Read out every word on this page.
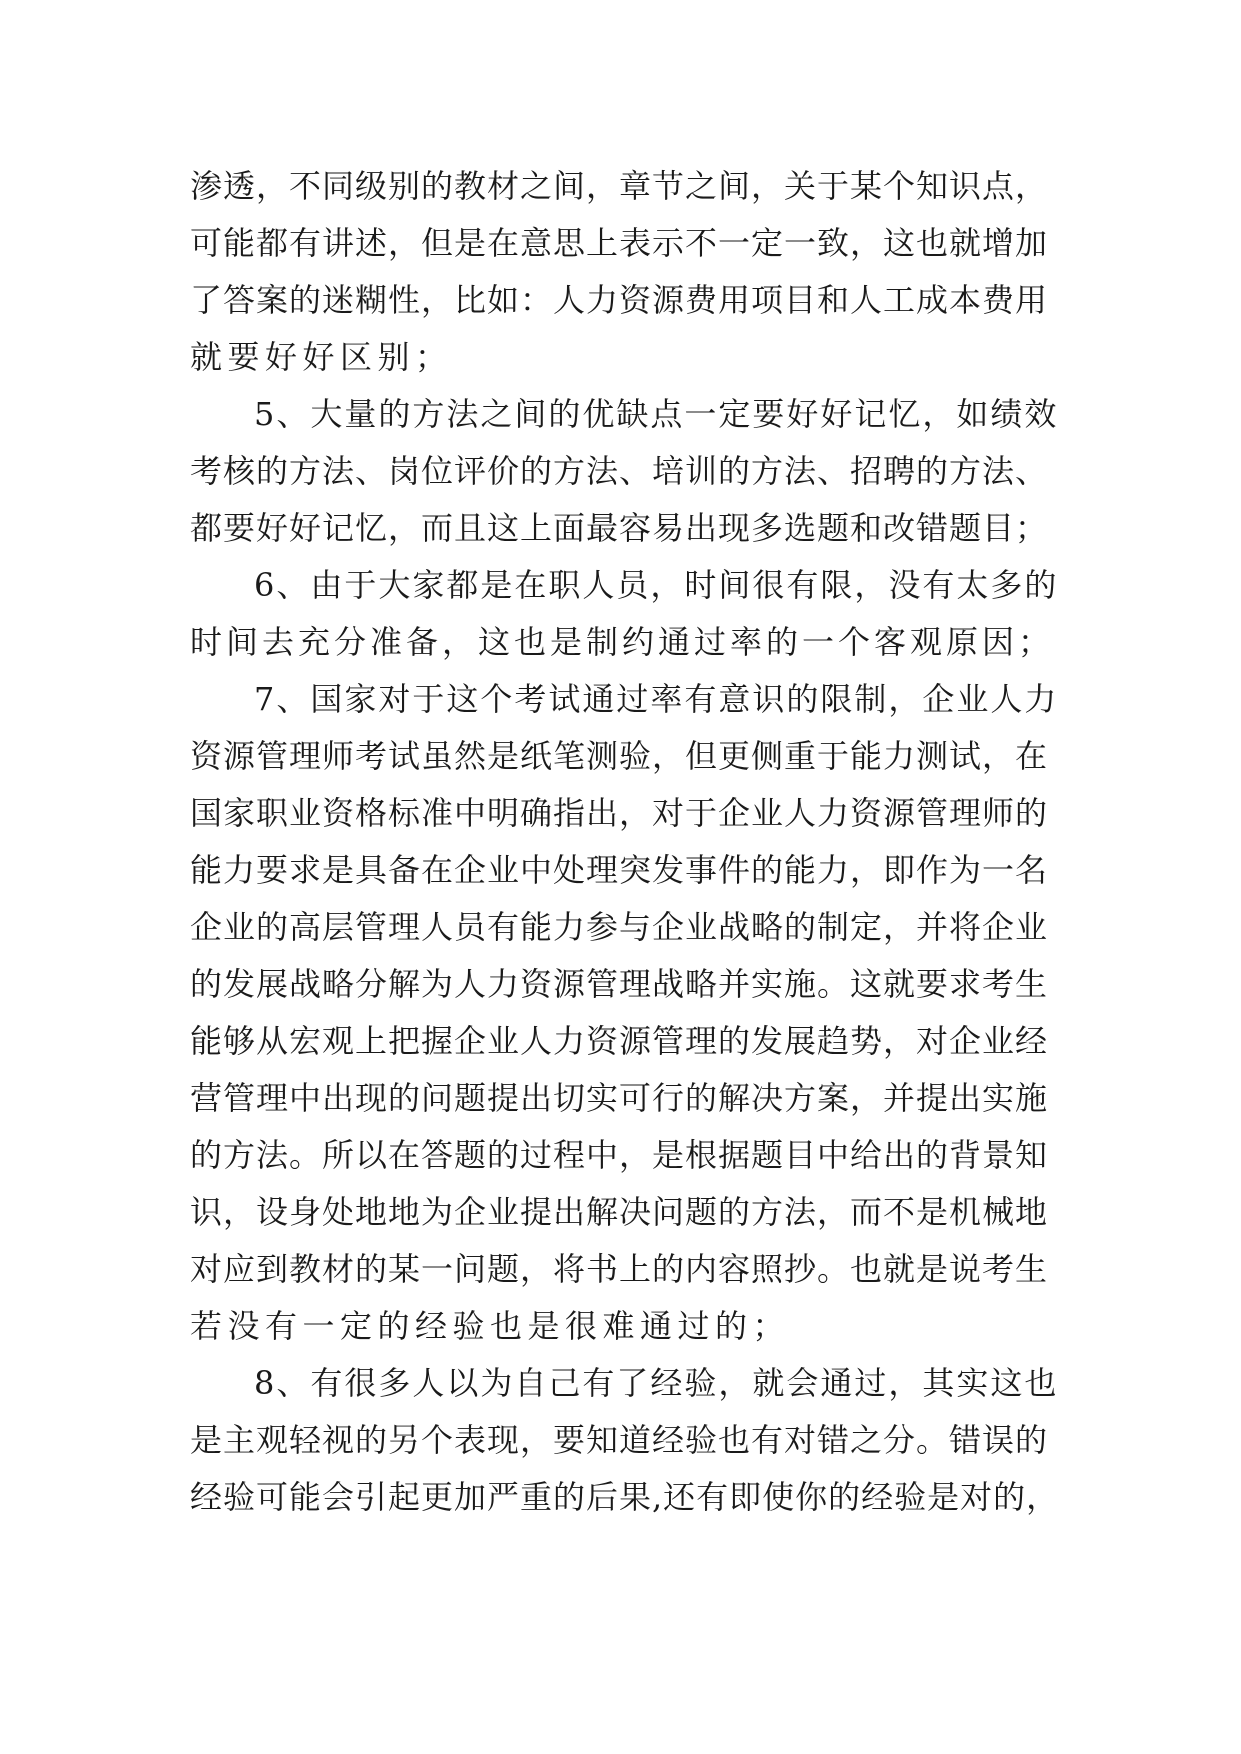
渗透，不同级别的教材之间，章节之间，关于某个知识点，
可能都有讲述，但是在意思上表示不一定一致，这也就增加
了答案的迷糊性，比如：人力资源费用项目和人工成本费用
就要好好区别；
5、大量的方法之间的优缺点一定要好好记忆，如绩效
考核的方法、岗位评价的方法、培训的方法、招聘的方法、
都要好好记忆，而且这上面最容易出现多选题和改错题目；
6、由于大家都是在职人员，时间很有限，没有太多的
时间去充分准备，这也是制约通过率的一个客观原因；
7、国家对于这个考试通过率有意识的限制，企业人力
资源管理师考试虽然是纸笔测验，但更侧重于能力测试，在
国家职业资格标准中明确指出，对于企业人力资源管理师的
能力要求是具备在企业中处理突发事件的能力，即作为一名
企业的高层管理人员有能力参与企业战略的制定，并将企业
的发展战略分解为人力资源管理战略并实施。这就要求考生
能够从宏观上把握企业人力资源管理的发展趋势，对企业经
营管理中出现的问题提出切实可行的解决方案，并提出实施
的方法。所以在答题的过程中，是根据题目中给出的背景知
识，设身处地地为企业提出解决问题的方法，而不是机械地
对应到教材的某一问题，将书上的内容照抄。也就是说考生
若没有一定的经验也是很难通过的；
8、有很多人以为自己有了经验，就会通过，其实这也
是主观轻视的另个表现，要知道经验也有对错之分。错误的
经验可能会引起更加严重的后果,还有即使你的经验是对的，
